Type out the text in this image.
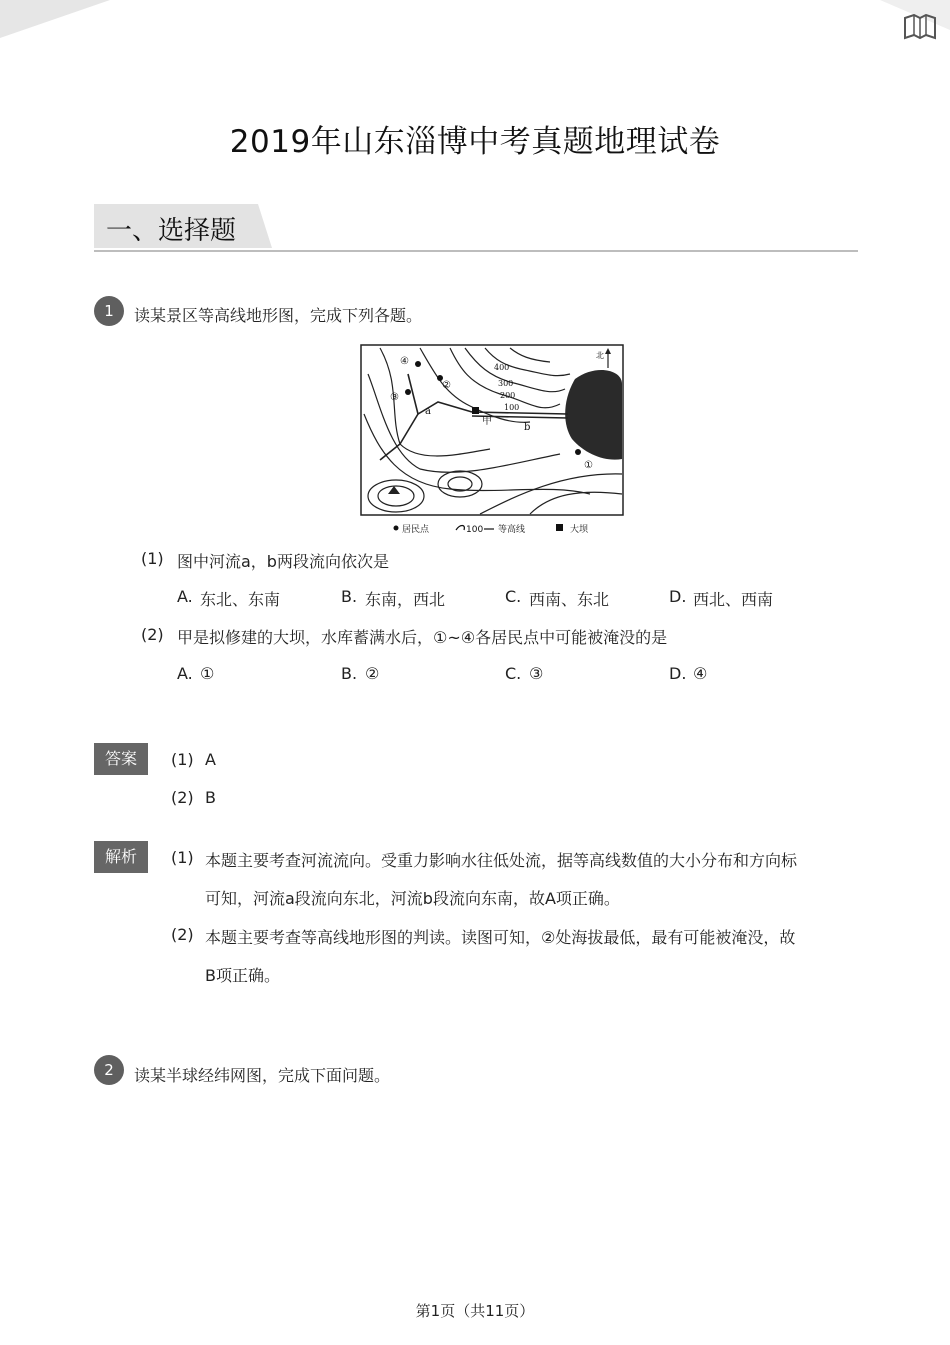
2019年山东淄博中考真题地理试卷
一、选择题
1	读某景区等高线地形图，完成下列各题。
④
②
③
①
a
b
甲
北
400
300
200
100
居民点	100 等高线	大坝
(1) 图中河流a，b两段流向依次是
A. 东北、东南	B. 东南，西北	C. 西南、东北	D. 西北、西南
(2) 甲是拟修建的大坝，水库蓄满水后，①~④各居民点中可能被淹没的是
A. ①	B. ②	C. ③	D. ④
答案	(1) A
(2) B
解析	(1) 本题主要考查河流流向。受重力影响水往低处流，据等高线数值的大小分布和方向标
可知，河流a段流向东北，河流b段流向东南，故A项正确。
(2) 本题主要考查等高线地形图的判读。读图可知，②处海拔最低，最有可能被淹没，故
B项正确。
2	读某半球经纬网图，完成下面问题。
第1页（共11页）
